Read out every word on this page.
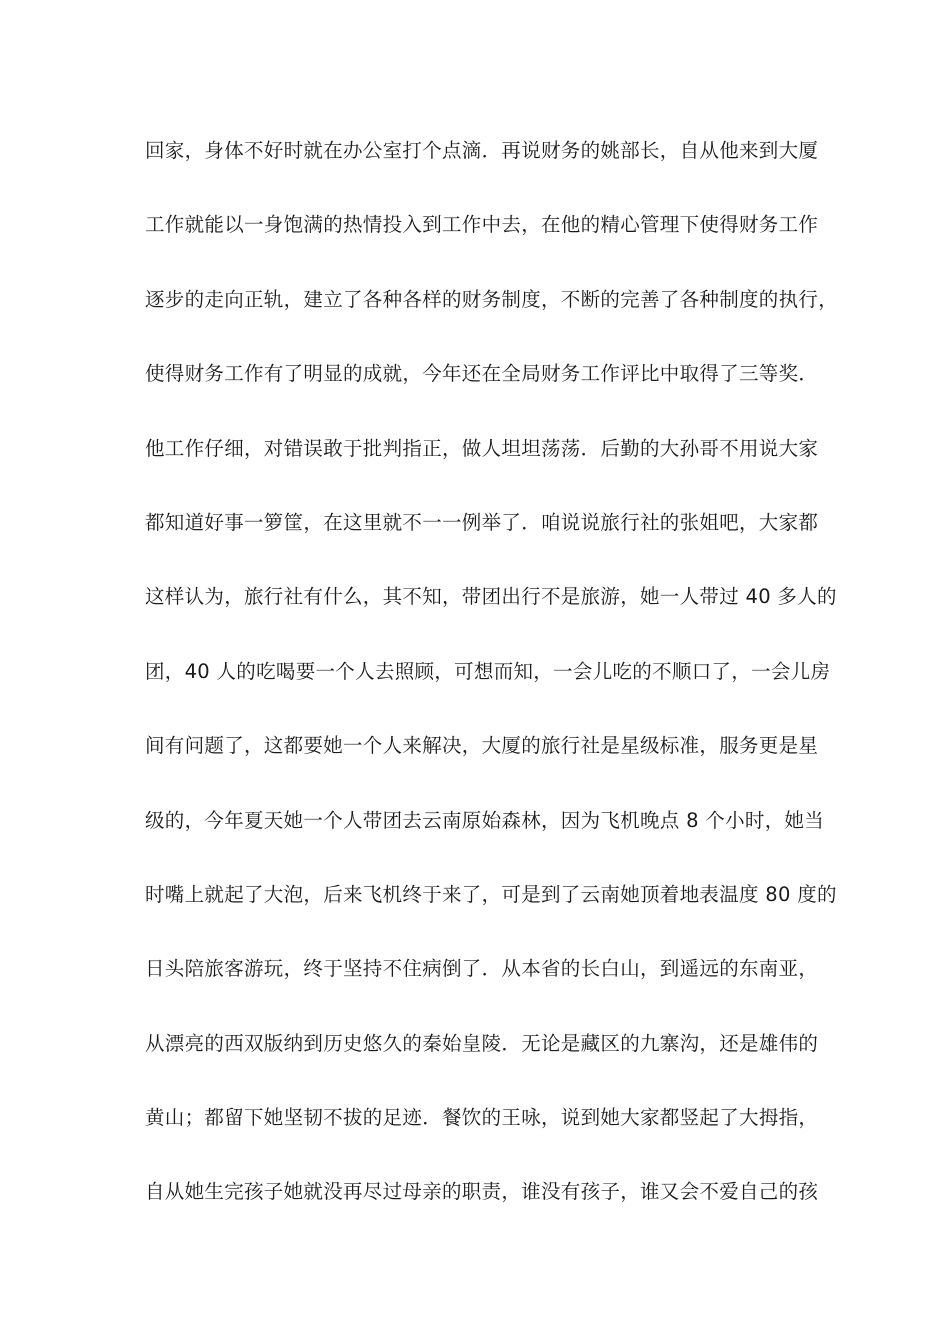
回家，身体不好时就在办公室打个点滴．再说财务的姚部长，自从他来到大厦
工作就能以一身饱满的热情投入到工作中去，在他的精心管理下使得财务工作
逐步的走向正轨，建立了各种各样的财务制度，不断的完善了各种制度的执行，
使得财务工作有了明显的成就，今年还在全局财务工作评比中取得了三等奖．
他工作仔细，对错误敢于批判指正，做人坦坦荡荡．后勤的大孙哥不用说大家
都知道好事一箩筐，在这里就不一一例举了．咱说说旅行社的张姐吧，大家都
这样认为，旅行社有什么，其不知，带团出行不是旅游，她一人带过 40 多人的
团，40 人的吃喝要一个人去照顾，可想而知，一会儿吃的不顺口了，一会儿房
间有问题了，这都要她一个人来解决，大厦的旅行社是星级标准，服务更是星
级的，今年夏天她一个人带团去云南原始森林，因为飞机晚点 8 个小时，她当
时嘴上就起了大泡，后来飞机终于来了，可是到了云南她顶着地表温度 80 度的
日头陪旅客游玩，终于坚持不住病倒了．从本省的长白山，到遥远的东南亚，
从漂亮的西双版纳到历史悠久的秦始皇陵．无论是藏区的九寨沟，还是雄伟的
黄山；都留下她坚韧不拔的足迹．餐饮的王咏，说到她大家都竖起了大拇指，
自从她生完孩子她就没再尽过母亲的职责，谁没有孩子，谁又会不爱自己的孩
